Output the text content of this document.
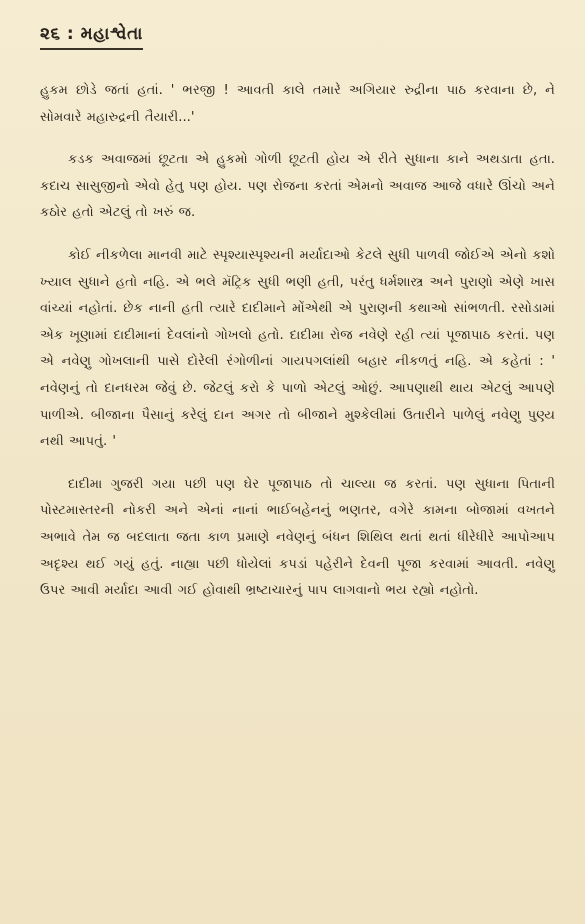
૨૬ : મહાશ્વેતા

હુકમ છોડે જતાં હતાં. ' ભરજી ! આવતી કાલે તમારે અગિયાર રુદ્રીના પાઠ કરવાના છે, ને સોમવારે મહારુદ્રની તૈયારી...'

કડક અવાજમાં છૂટતા એ હુકમો ગોળી છૂટતી હોય એ રીતે સુધાના કાને અથડાતા હતા. કદાચ સાસુજીનો એવો હેતુ પણ હોય. પણ રોજના કરતાં એમનો અવાજ આજે વધારે ઊંચો અને કઠોર હતો એટલું તો ખરું જ.

કોઈ નીકળેલા માનવી માટે સ્પૃશ્યાસ્પૃશ્યની મર્યાદાઓ કેટલે સુધી પાળવી જોઈએ એનો કશો ખ્યાલ સુધાને હતો નહિ. એ ભલે મૅટ્રિક સુધી ભણી હતી, પરંતુ ધર્મશાસ્ત્ર અને પુરાણો એણે ખાસ વાંચ્યાં નહોતાં. છેક નાની હતી ત્યારે દાદીમાને મોંએથી એ પુરાણની કથાઓ સાંભળતી. રસોડામાં એક ખૂણામાં દાદીમાનાં દેવલાંનો ગોખલો હતો. દાદીમા રોજ નવેણે રહી ત્યાં પૂજાપાઠ કરતાં. પણ એ નવેણુ ગોખલાની પાસે દોરેલી રંગોળીનાં ગાયપગલાંથી બહાર નીકળતું નહિ. એ કહેતાં : ' નવેણનું તો દાનધરમ જેવું છે. જેટલું કરો કે પાળો એટલું ઓછું. આપણાથી થાય એટલું આપણે પાળીએ. બીજાના પૈસાનું કરેલું દાન અગર તો બીજાને મુશ્કેલીમાં ઉતારીને પાળેલું નવેણુ પુણ્ય નથી આપતું. '

દાદીમા ગુજરી ગયા પછી પણ ઘેર પૂજાપાઠ તો ચાલ્યા જ કરતાં. પણ સુધાના પિતાની પોસ્ટમાસ્તરની નોકરી અને એનાં નાનાં ભાઈબહેનનું ભણતર, વગેરે કામના બોજામાં વખતને અભાવે તેમ જ બદલાતા જતા કાળ પ્રમાણે નવેણનું બંધન શિથિલ થતાં થતાં ધીરેધીરે આપોઆપ અદૃશ્ય થઈ ગયું હતું. નાહ્યા પછી ધોયેલાં કપડાં પહેરીને દેવની પૂજા કરવામાં આવતી. નવેણુ ઉપર આવી મર્યાદા આવી ગઈ હોવાથી ભ્રષ્ટાચારનું પાપ લાગવાનો ભય રહ્યો નહોતો.
